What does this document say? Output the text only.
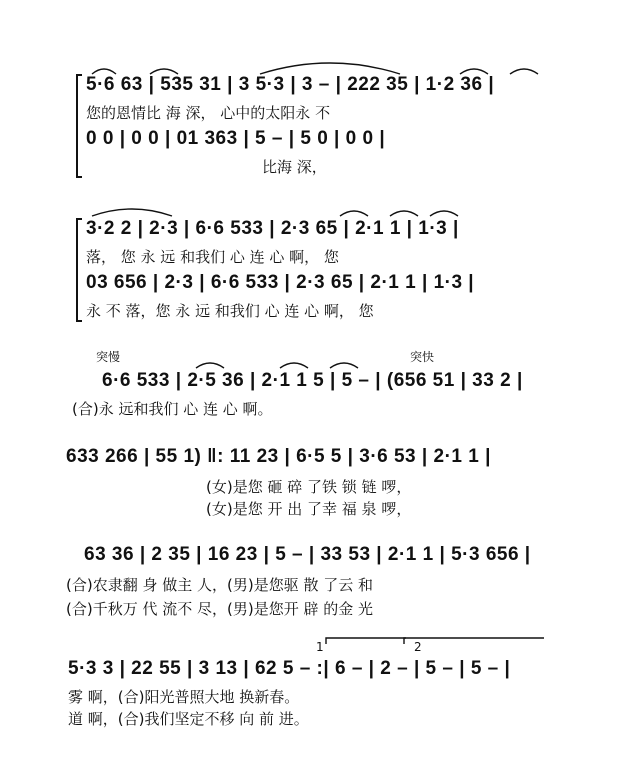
5·6 63 | 535 31 | 3 5·3 | 3 – | 222 35 | 1·2 36 |
您的恩情比 海 深， 心中的太阳永 不
0 0 | 0 0 | 01 363 | 5 – | 5 0 | 0 0 |
比海 深，
3·2 2 | 2·3 | 6·6 533 | 2·3 65 | 2·1 1 | 1·3 |
落， 您 永 远 和我们 心 连 心 啊， 您
03 656 | 2·3 | 6·6 533 | 2·3 65 | 2·1 1 | 1·3 |
永 不 落，您 永 远 和我们 心 连 心 啊， 您
突慢	突快
6·6 533 | 2·5 36 | 2·1 1 5 | 5 – | (656 51 | 33 2 |
(合)永 远和我们 心 连 心 啊。
633 266 | 55 1) ‖: 11 23 | 6·5 5 | 3·6 53 | 2·1 1 |
(女)是您 砸 碎 了铁 锁 链 啰，
(女)是您 开 出 了幸 福 泉 啰，
63 36 | 2 35 | 16 23 | 5 – | 33 53 | 2·1 1 | 5·3 656 |
(合)农隶翻 身 做主 人，(男)是您驱 散 了云 和
(合)千秋万 代 流不 尽，(男)是您开 辟 的金 光
1	2
5·3 3 | 22 55 | 3 13 | 62 5 – :| 6 – | 2 – | 5 – | 5 – |
雾 啊，(合)阳光普照大地 换新春。
道 啊，(合)我们坚定不移 向 前 进。
